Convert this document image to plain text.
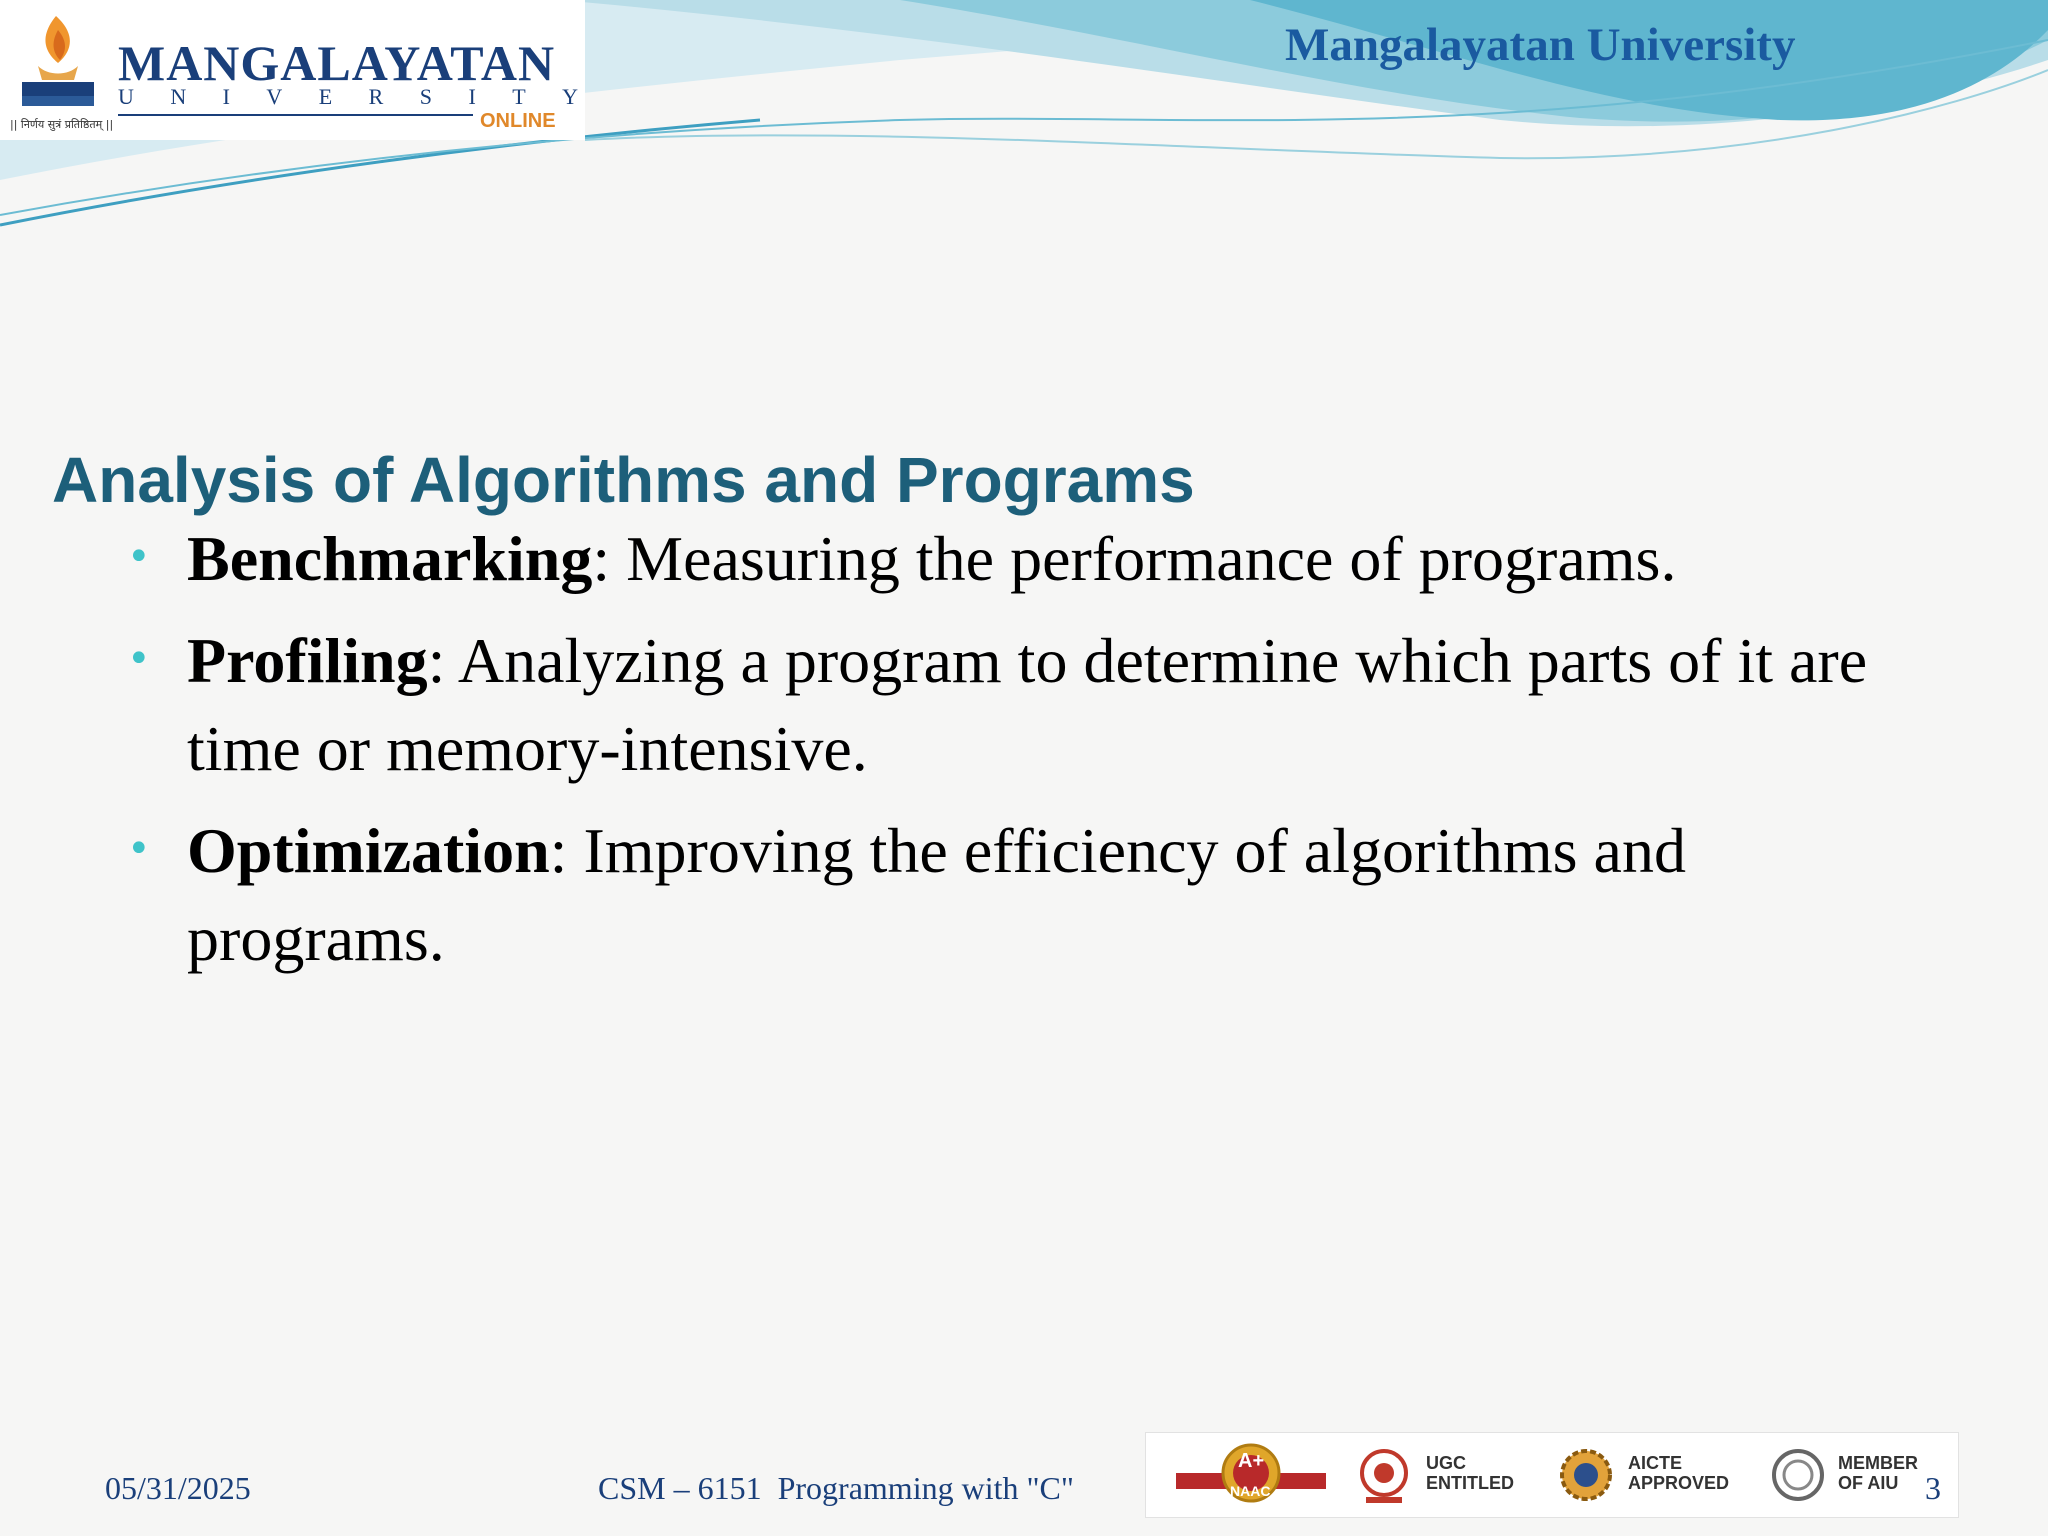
MANGALAYATAN
U N I V E R S I T Y
ONLINE
|| निर्णय सुत्रं प्रतिष्ठितम् ||
Mangalayatan University
Analysis of Algorithms and Programs
• Benchmarking: Measuring the performance of programs.
• Profiling: Analyzing a program to determine which parts of it are time or memory-intensive.
• Optimization: Improving the efficiency of algorithms and programs.
05/31/2025	CSM – 6151  Programming with "C"
A+
NAAC
UGC
ENTITLED
AICTE
APPROVED
MEMBER
OF AIU 3
